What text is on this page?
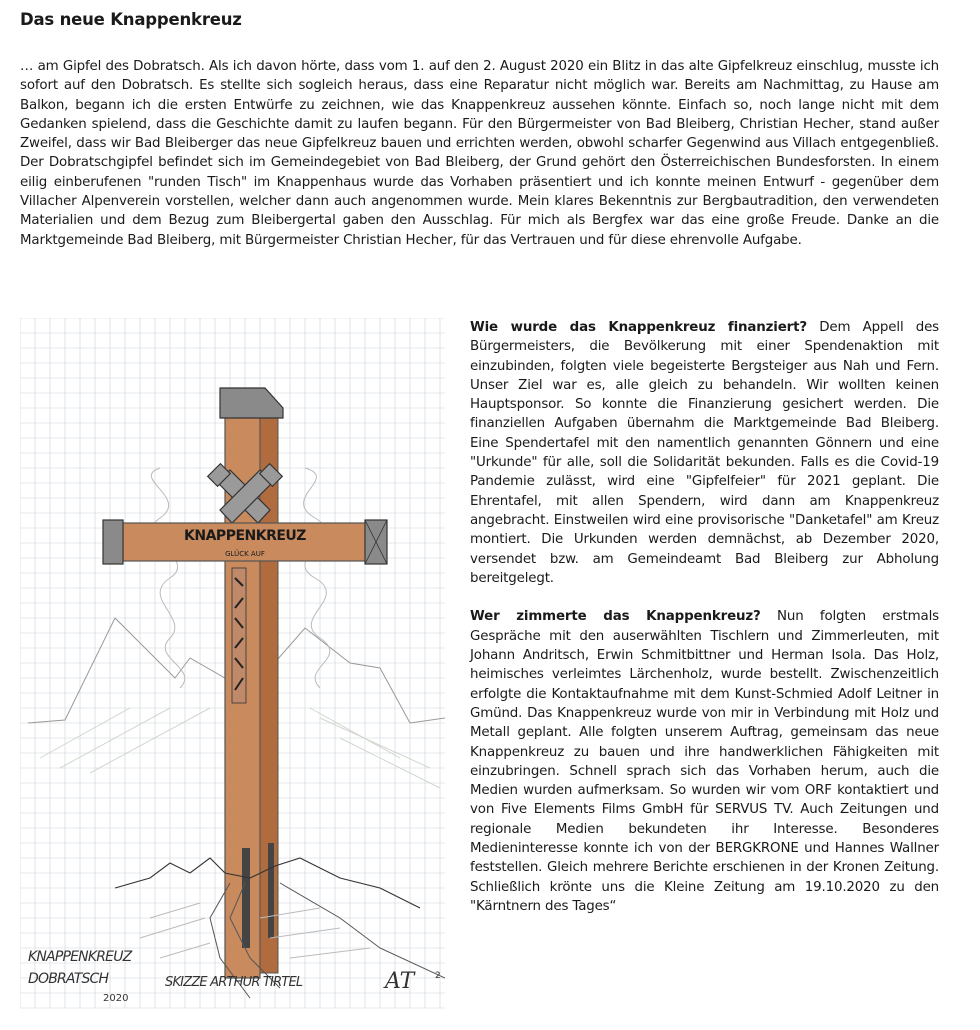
Das neue Knappenkreuz

… am Gipfel des Dobratsch. Als ich davon hörte, dass vom 1. auf den 2. August 2020 ein Blitz in das alte Gipfelkreuz einschlug, musste ich sofort auf den Dobratsch. Es stellte sich sogleich heraus, dass eine Reparatur nicht möglich war. Bereits am Nachmittag, zu Hause am Balkon, begann ich die ersten Entwürfe zu zeichnen, wie das Knappenkreuz aussehen könnte. Einfach so, noch lange nicht mit dem Gedanken spielend, dass die Geschichte damit zu laufen begann. Für den Bürgermeister von Bad Bleiberg, Christian Hecher, stand außer Zweifel, dass wir Bad Bleiberger das neue Gipfelkreuz bauen und errichten werden, obwohl scharfer Gegenwind aus Villach entgegenbließ. Der Dobratschgipfel befindet sich im Gemeindegebiet von Bad Bleiberg, der Grund gehört den Österreichischen Bundesforsten. In einem eilig einberufenen "runden Tisch" im Knappenhaus wurde das Vorhaben präsentiert und ich konnte meinen Entwurf - gegenüber dem Villacher Alpenverein vorstellen, welcher dann auch angenommen wurde. Mein klares Bekenntnis zur Bergbautradition, den verwendeten Materialien und dem Bezug zum Bleibergertal gaben den Ausschlag. Für mich als Bergfex war das eine große Freude. Danke an die Marktgemeinde Bad Bleiberg, mit Bürgermeister Christian Hecher, für das Vertrauen und für diese ehrenvolle Aufgabe.

KNAPPENKREUZ
GLÜCK AUF
KNAPPENKREUZ
DOBRATSCH
2020
SKIZZE ARTHUR TIRTEL	AT 2

Wie wurde das Knappenkreuz finanziert? Dem Appell des Bürgermeisters, die Bevölkerung mit einer Spendenaktion mit einzubinden, folgten viele begeisterte Bergsteiger aus Nah und Fern. Unser Ziel war es, alle gleich zu behandeln. Wir wollten keinen Hauptsponsor. So konnte die Finanzierung gesichert werden. Die finanziellen Aufgaben übernahm die Marktgemeinde Bad Bleiberg. Eine Spendertafel mit den namentlich genannten Gönnern und eine "Urkunde" für alle, soll die Solidarität bekunden. Falls es die Covid-19 Pandemie zulässt, wird eine "Gipfelfeier" für 2021 geplant. Die Ehrentafel, mit allen Spendern, wird dann am Knappenkreuz angebracht. Einstweilen wird eine provisorische "Danketafel" am Kreuz montiert. Die Urkunden werden demnächst, ab Dezember 2020, versendet bzw. am Gemeindeamt Bad Bleiberg zur Abholung bereitgelegt.

Wer zimmerte das Knappenkreuz? Nun folgten erstmals Gespräche mit den auserwählten Tischlern und Zimmerleuten, mit Johann Andritsch, Erwin Schmitbittner und Herman Isola. Das Holz, heimisches verleimtes Lärchenholz, wurde bestellt. Zwischenzeitlich erfolgte die Kontaktaufnahme mit dem Kunst-Schmied Adolf Leitner in Gmünd. Das Knappenkreuz wurde von mir in Verbindung mit Holz und Metall geplant. Alle folgten unserem Auftrag, gemeinsam das neue Knappenkreuz zu bauen und ihre handwerklichen Fähigkeiten mit einzubringen. Schnell sprach sich das Vorhaben herum, auch die Medien wurden aufmerksam. So wurden wir vom ORF kontaktiert und von Five Elements Films GmbH für SERVUS TV. Auch Zeitungen und regionale Medien bekundeten ihr Interesse. Besonderes Medieninteresse konnte ich von der BERGKRONE und Hannes Wallner feststellen. Gleich mehrere Berichte erschienen in der Kronen Zeitung. Schließlich krönte uns die Kleine Zeitung am 19.10.2020 zu den "Kärntnern des Tages“
